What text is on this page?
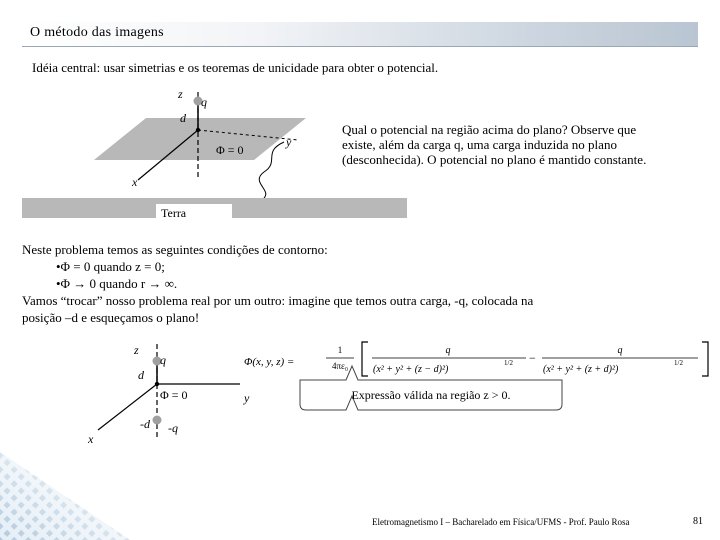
O método das imagens
Idéia central: usar simetrias e os teoremas de unicidade para obter o potencial.
z
q
d
Φ = 0
y
x
Terra
Qual o potencial na região acima do plano? Observe que
existe, além da carga q, uma carga induzida no plano
(desconhecida). O potencial no plano é mantido constante.
Neste problema temos as seguintes condições de contorno:
•Φ = 0 quando z = 0;
•Φ → 0 quando r → ∞.
Vamos “trocar” nosso problema real por um outro: imagine que temos outra carga, -q, colocada na
posição –d e esqueçamos o plano!
z
q
d
Φ = 0	y
x
-d -q
Φ(x, y, z) =
1
4πε₀
q
(x² + y² + (z − d)²)
1/2 −
q
(x² + y² + (z + d)²)
1/2
Expressão válida na região z > 0.
Eletromagnetismo I – Bacharelado em Física/UFMS - Prof. Paulo Rosa	81
